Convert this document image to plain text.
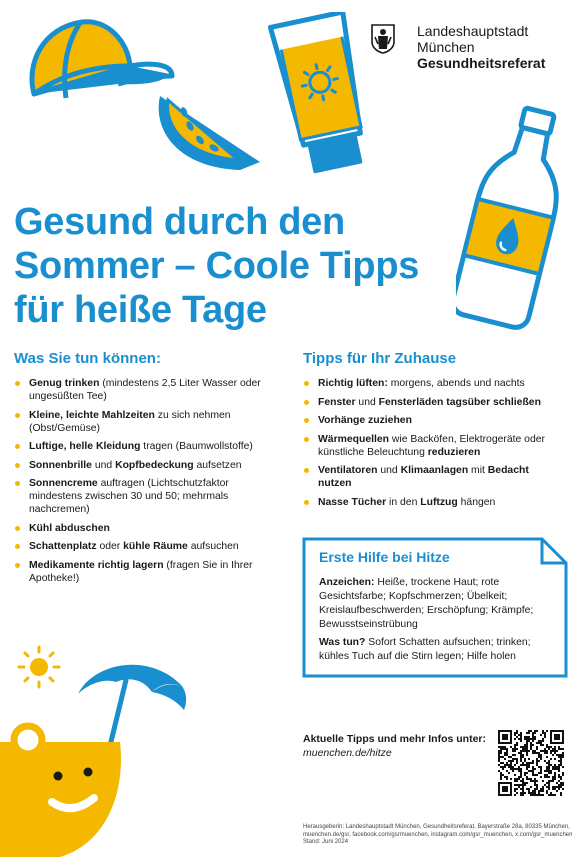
Landeshauptstadt
München
Gesundheitsreferat
Gesund durch den
Sommer – Coole Tipps
für heiße Tage
Was Sie tun können:
Genug trinken (mindestens 2,5 Liter Wasser oder ungesüßten Tee)
Kleine, leichte Mahlzeiten zu sich nehmen (Obst/Gemüse)
Luftige, helle Kleidung tragen (Baumwollstoffe)
Sonnenbrille und Kopfbedeckung aufsetzen
Sonnencreme auftragen (Lichtschutzfaktor mindestens zwischen 30 und 50; mehrmals nachcremen)
Kühl abduschen
Schattenplatz oder kühle Räume aufsuchen
Medikamente richtig lagern (fragen Sie in Ihrer Apotheke!)
Tipps für Ihr Zuhause
Richtig lüften: morgens, abends und nachts
Fenster und Fensterläden tagsüber schließen
Vorhänge zuziehen
Wärmequellen wie Backöfen, Elektrogeräte oder künstliche Beleuchtung reduzieren
Ventilatoren und Klimaanlagen mit Bedacht nutzen
Nasse Tücher in den Luftzug hängen
Erste Hilfe bei Hitze

Anzeichen: Heiße, trockene Haut; rote Gesichtsfarbe; Kopfschmerzen; Übelkeit; Kreislaufbeschwerden; Erschöpfung; Krämpfe; Bewusstseinstrübung

Was tun? Sofort Schatten aufsuchen; trinken; kühles Tuch auf die Stirn legen; Hilfe holen

Aktuelle Tipps und mehr Infos unter:
muenchen.de/hitze
Herausgeberin: Landeshauptstadt München, Gesundheitsreferat, Bayerstraße 28a, 80335 München,
muenchen.de/gsr, facebook.com/gsrmuenchen, instagram.com/gsr_muenchen, x.com/gsr_muenchen
Stand: Juni 2024
